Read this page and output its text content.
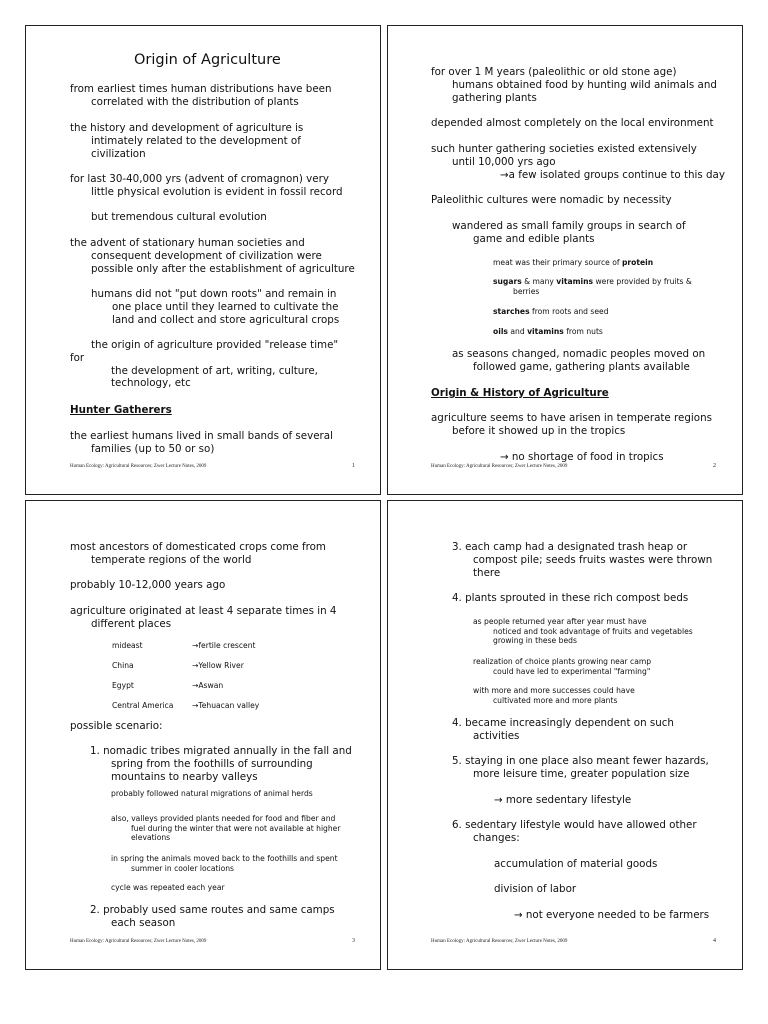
Origin of Agriculture

from earliest times human distributions have been
correlated with the distribution of plants

the history and development of agriculture is
intimately related to the development of
civilization

for last 30-40,000 yrs (advent of cromagnon) very
little physical evolution is evident in fossil record

but tremendous cultural evolution

the advent of stationary human societies and
consequent development of civilization were
possible only after the establishment of agriculture

humans did not "put down roots" and remain in
one place until they learned to cultivate the
land and collect and store agricultural crops

the origin of agriculture provided "release time"
for
the development of art, writing, culture,
technology, etc

Hunter Gatherers

the earliest humans lived in small bands of several
families (up to 50 or so)

Human Ecology: Agricultural Resources; Zwer Lecture Notes, 2009	1

for over 1 M years (paleolithic or old stone age)
humans obtained food by hunting wild animals and
gathering plants

depended almost completely on the local environment

such hunter gathering societies existed extensively
until 10,000 yrs ago
→a few isolated groups continue to this day

Paleolithic cultures were nomadic by necessity

wandered as small family groups in search of
game and edible plants

meat was their primary source of protein

sugars & many vitamins were provided by fruits &
berries

starches from roots and seed

oils and vitamins from nuts

as seasons changed, nomadic peoples moved on
followed game, gathering plants available

Origin & History of Agriculture

agriculture seems to have arisen in temperate regions
before it showed up in the tropics

→ no shortage of food in tropics

Human Ecology: Agricultural Resources; Zwer Lecture Notes, 2009	2

most ancestors of domesticated crops come from
temperate regions of the world

probably 10-12,000 years ago

agriculture originated at least 4 separate times in 4
different places

mideast	→fertile crescent
China	→Yellow River
Egypt	→Aswan
Central America →Tehuacan valley

possible scenario:

1. nomadic tribes migrated annually in the fall and
spring from the foothills of surrounding
mountains to nearby valleys

probably followed natural migrations of animal herds

also, valleys provided plants needed for food and fiber and
fuel during the winter that were not available at higher
elevations

in spring the animals moved back to the foothills and spent
summer in cooler locations

cycle was repeated each year

2. probably used same routes and same camps
each season

Human Ecology: Agricultural Resources; Zwer Lecture Notes, 2009	3

3. each camp had a designated trash heap or
compost pile; seeds fruits wastes were thrown
there

4. plants sprouted in these rich compost beds

as people returned year after year must have
noticed and took advantage of fruits and vegetables
growing in these beds

realization of choice plants growing near camp
could have led to experimental "farming"

with more and more successes could have
cultivated more and more plants

4. became increasingly dependent on such
activities

5. staying in one place also meant fewer hazards,
more leisure time, greater population size

→ more sedentary lifestyle

6. sedentary lifestyle would have allowed other
changes:

accumulation of material goods

division of labor

→ not everyone needed to be farmers

Human Ecology: Agricultural Resources; Zwer Lecture Notes, 2009	4
